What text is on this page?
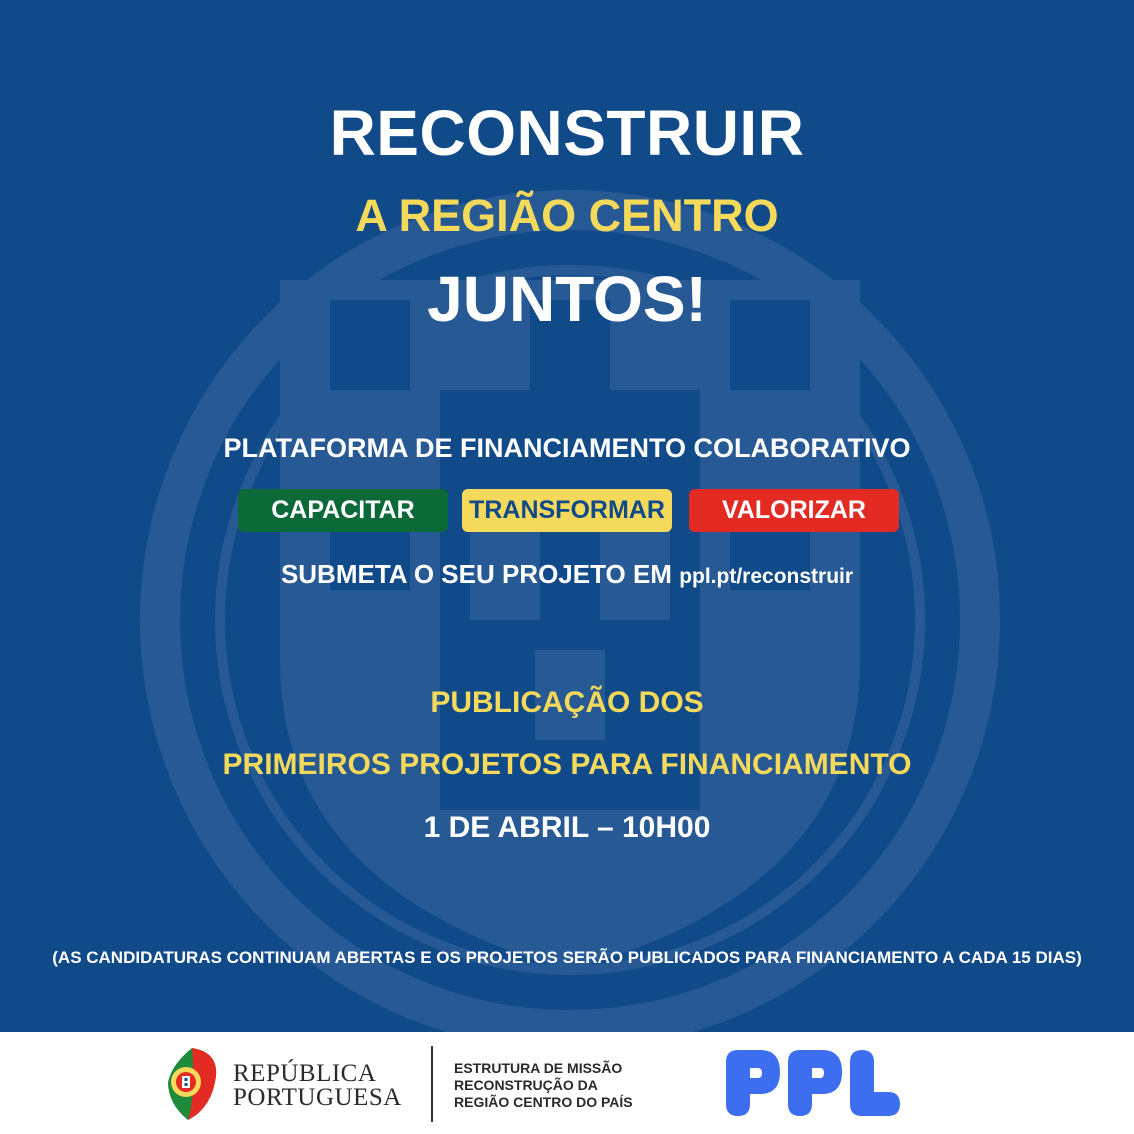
RECONSTRUIR

A REGIÃO CENTRO

JUNTOS!

PLATAFORMA DE FINANCIAMENTO COLABORATIVO

CAPACITAR	TRANSFORMAR	VALORIZAR

SUBMETA O SEU PROJETO EM ppl.pt/reconstruir

PUBLICAÇÃO DOS

PRIMEIROS PROJETOS PARA FINANCIAMENTO

1 DE ABRIL – 10H00

(AS CANDIDATURAS CONTINUAM ABERTAS E OS PROJETOS SERÃO PUBLICADOS PARA FINANCIAMENTO A CADA 15 DIAS)

REPÚBLICA
PORTUGUESA
ESTRUTURA DE MISSÃO
RECONSTRUÇÃO DA
REGIÃO CENTRO DO PAÍS
